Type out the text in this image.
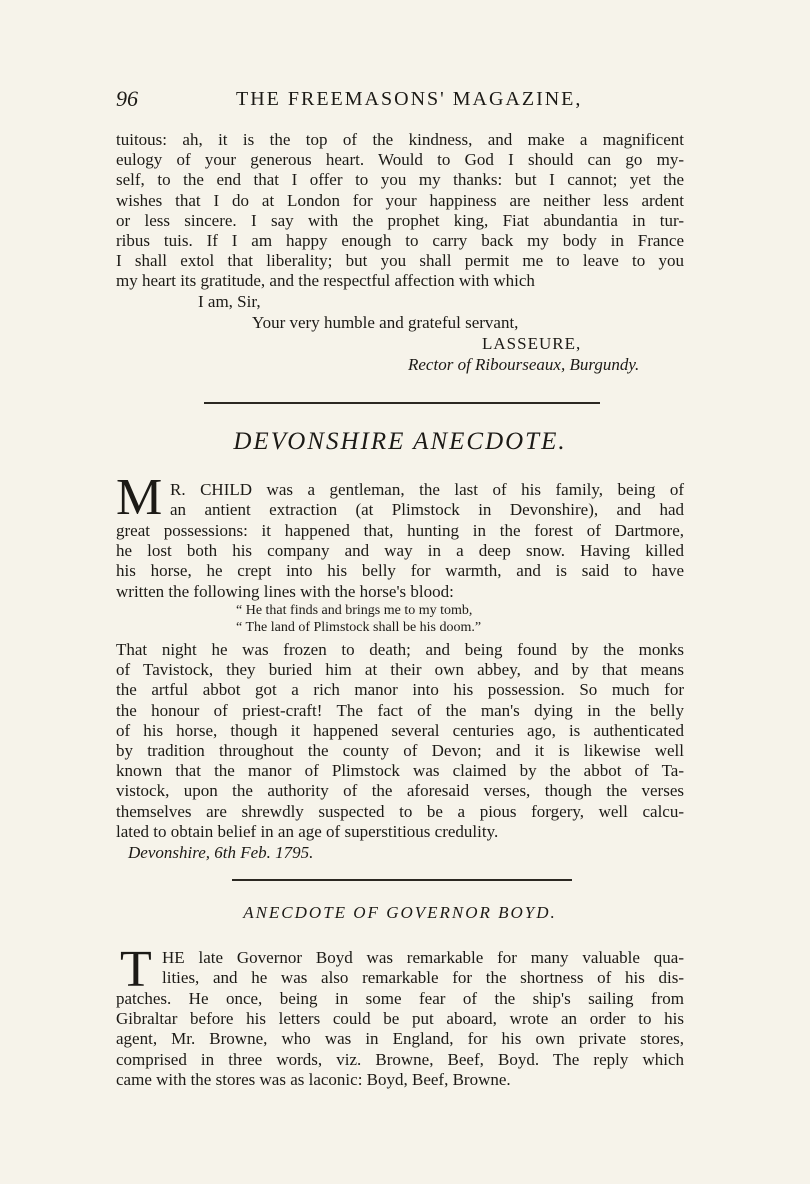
96	THE FREEMASONS' MAGAZINE,
tuitous: ah, it is the top of the kindness, and make a magnificent
eulogy of your generous heart. Would to God I should can go my-
self, to the end that I offer to you my thanks: but I cannot; yet the
wishes that I do at London for your happiness are neither less ardent
or less sincere. I say with the prophet king, Fiat abundantia in tur-
ribus tuis. If I am happy enough to carry back my body in France
I shall extol that liberality; but you shall permit me to leave to you
my heart its gratitude, and the respectful affection with which
I am, Sir,
Your very humble and grateful servant,
LASSEURE,
Rector of Ribourseaux, Burgundy.
DEVONSHIRE ANECDOTE.
M R. CHILD was a gentleman, the last of his family, being of
an antient extraction (at Plimstock in Devonshire), and had
great possessions: it happened that, hunting in the forest of Dartmore,
he lost both his company and way in a deep snow. Having killed
his horse, he crept into his belly for warmth, and is said to have
written the following lines with the horse's blood:
“ He that finds and brings me to my tomb,
“ The land of Plimstock shall be his doom.”
That night he was frozen to death; and being found by the monks
of Tavistock, they buried him at their own abbey, and by that means
the artful abbot got a rich manor into his possession. So much for
the honour of priest-craft! The fact of the man's dying in the belly
of his horse, though it happened several centuries ago, is authenticated
by tradition throughout the county of Devon; and it is likewise well
known that the manor of Plimstock was claimed by the abbot of Ta-
vistock, upon the authority of the aforesaid verses, though the verses
themselves are shrewdly suspected to be a pious forgery, well calcu-
lated to obtain belief in an age of superstitious credulity.
Devonshire, 6th Feb. 1795.
ANECDOTE OF GOVERNOR BOYD.
T HE late Governor Boyd was remarkable for many valuable qua-
lities, and he was also remarkable for the shortness of his dis-
patches. He once, being in some fear of the ship's sailing from
Gibraltar before his letters could be put aboard, wrote an order to his
agent, Mr. Browne, who was in England, for his own private stores,
comprised in three words, viz. Browne, Beef, Boyd. The reply which
came with the stores was as laconic: Boyd, Beef, Browne.
